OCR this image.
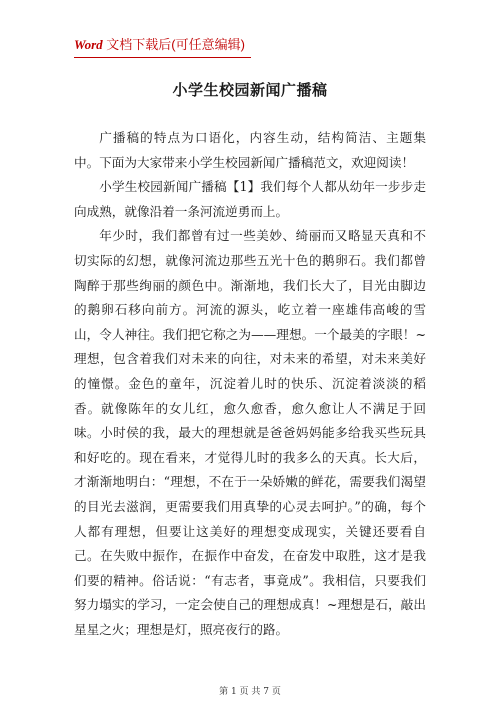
Word 文档下载后(可任意编辑)
小学生校园新闻广播稿

广播稿的特点为口语化，内容生动，结构简洁、主题集中。下面为大家带来小学生校园新闻广播稿范文，欢迎阅读！

小学生校园新闻广播稿【1】我们每个人都从幼年一步步走向成熟，就像沿着一条河流逆勇而上。

年少时，我们都曾有过一些美妙、绮丽而又略显天真和不切实际的幻想，就像河流边那些五光十色的鹅卵石。我们都曾陶醉于那些绚丽的颜色中。渐渐地，我们长大了，目光由脚边的鹅卵石移向前方。河流的源头，屹立着一座雄伟高峻的雪山，令人神往。我们把它称之为——理想。一个最美的字眼！~理想，包含着我们对未来的向往，对未来的希望，对未来美好的憧憬。金色的童年，沉淀着儿时的快乐、沉淀着淡淡的稻香。就像陈年的女儿红，愈久愈香，愈久愈让人不满足于回味。小时侯的我，最大的理想就是爸爸妈妈能多给我买些玩具和好吃的。现在看来，才觉得儿时的我多么的天真。长大后，才渐渐地明白：“理想，不在于一朵娇嫩的鲜花，需要我们渴望的目光去滋润，更需要我们用真挚的心灵去呵护。”的确，每个人都有理想，但要让这美好的理想变成现实，关键还要看自己。在失败中振作，在振作中奋发，在奋发中取胜，这才是我们要的精神。俗话说：“有志者，事竟成”。我相信，只要我们努力塌实的学习，一定会使自己的理想成真！~理想是石，敲出星星之火；理想是灯，照亮夜行的路。

第 1 页 共 7 页
